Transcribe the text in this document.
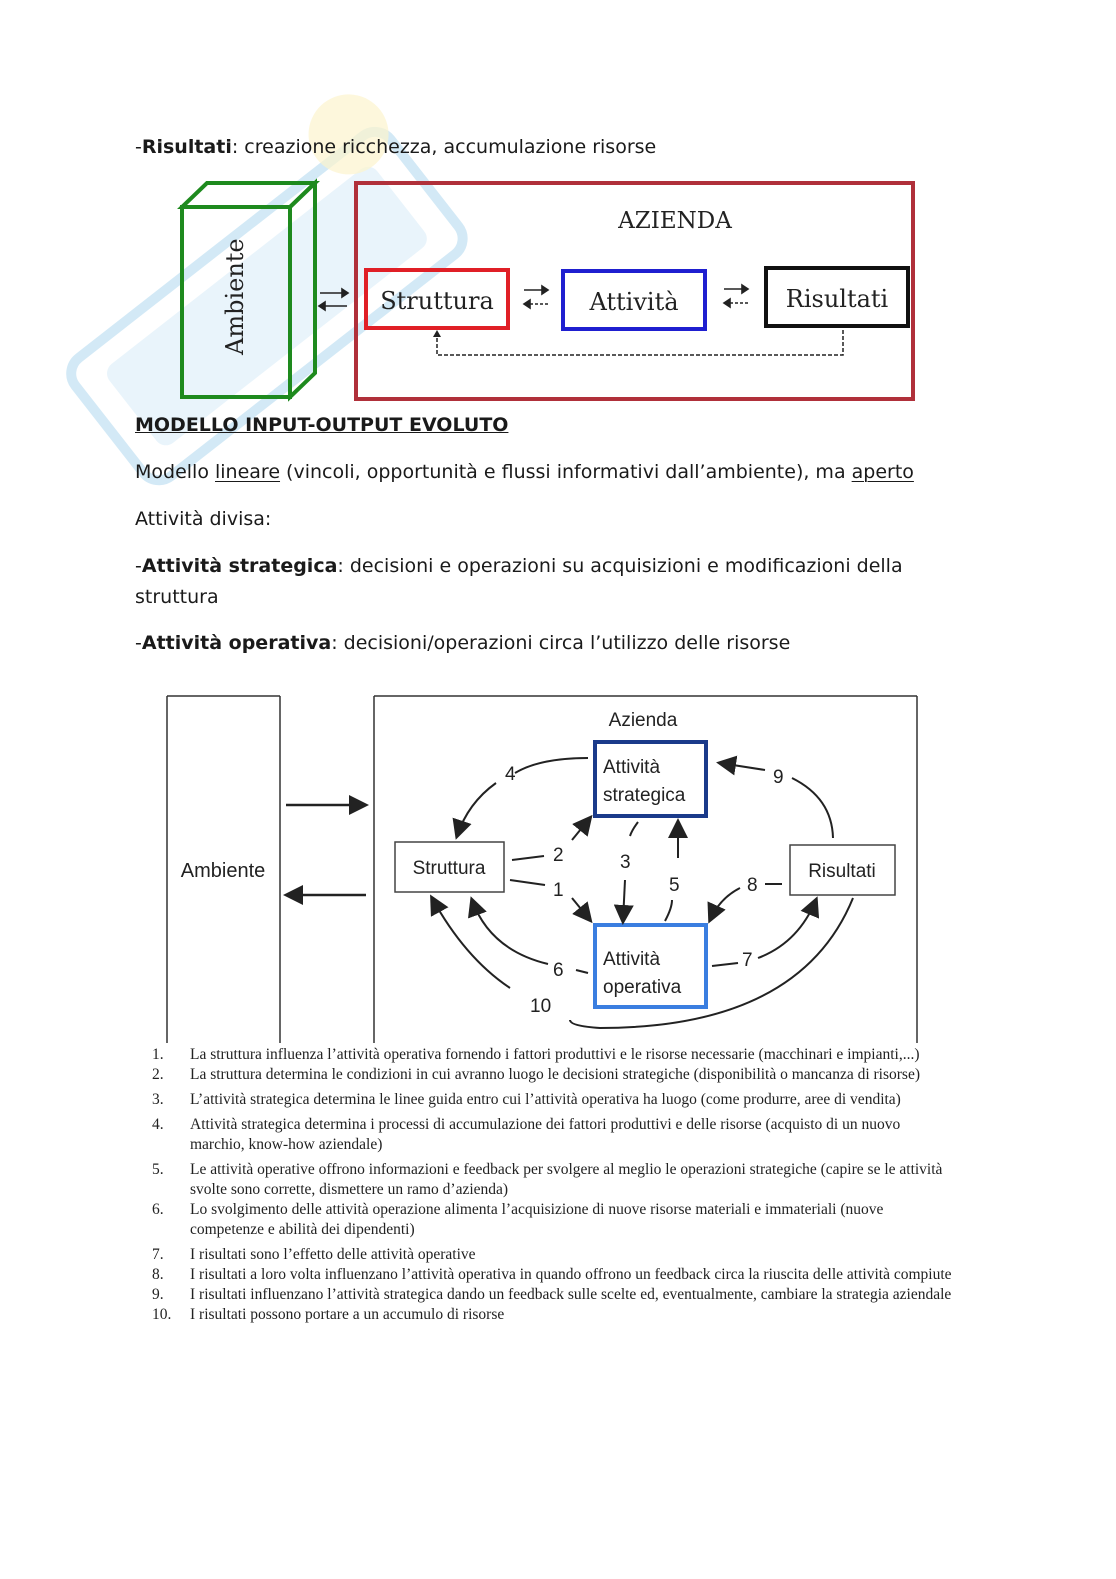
-Risultati: creazione ricchezza, accumulazione risorse
Ambiente
AZIENDA
Struttura	Attività	Risultati
MODELLO INPUT-OUTPUT EVOLUTO
Modello lineare (vincoli, opportunità e flussi informativi dall’ambiente), ma aperto
Attività divisa:
-Attività strategica: decisioni e operazioni su acquisizioni e modificazioni della
struttura
-Attività operativa: decisioni/operazioni circa l’utilizzo delle risorse
Ambiente
Azienda
Struttura
Attività
strategica
Attività
operativa
Risultati
4
2
1
3
5
9
8
7
6
10
1. La struttura influenza l’attività operativa fornendo i fattori produttivi e le risorse necessarie (macchinari e impianti,...)
2. La struttura determina le condizioni in cui avranno luogo le decisioni strategiche (disponibilità o mancanza di risorse)
3. L’attività strategica determina le linee guida entro cui l’attività operativa ha luogo (come produrre, aree di vendita)
4. Attività strategica determina i processi di accumulazione dei fattori produttivi e delle risorse (acquisto di un nuovo marchio, know-how aziendale)
5. Le attività operative offrono informazioni e feedback per svolgere al meglio le operazioni strategiche (capire se le attività svolte sono corrette, dismettere un ramo d’azienda)
6. Lo svolgimento delle attività operazione alimenta l’acquisizione di nuove risorse materiali e immateriali (nuove competenze e abilità dei dipendenti)
7. I risultati sono l’effetto delle attività operative
8. I risultati a loro volta influenzano l’attività operativa in quando offrono un feedback circa la riuscita delle attività compiute
9. I risultati influenzano l’attività strategica dando un feedback sulle scelte ed, eventualmente, cambiare la strategia aziendale
10. I risultati possono portare a un accumulo di risorse
